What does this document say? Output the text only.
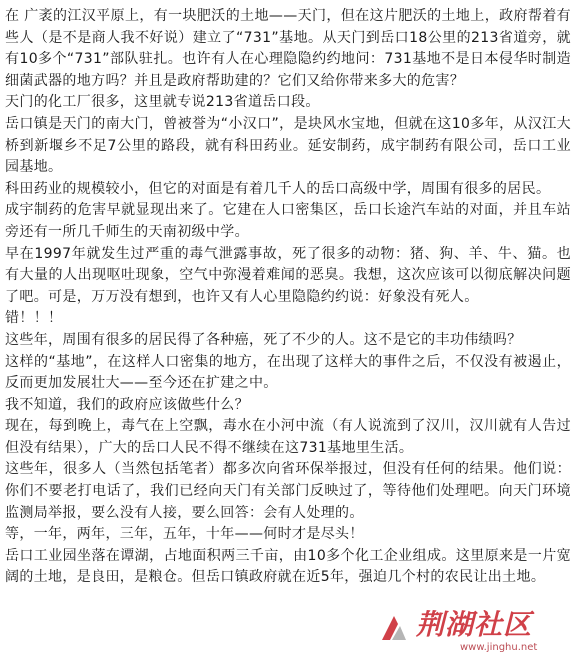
在 广袤的江汉平原上，有一块肥沃的土地——天门，但在这片肥沃的土地上，政府帮着有些人（是不是商人我不好说）建立了“731”基地。从天门到岳口18公里的213省道旁，就有10多个“731”部队驻扎。也许有人在心理隐隐约约地问：731基地不是日本侵华时制造细菌武器的地方吗？并且是政府帮助建的？它们又给你带来多大的危害？

天门的化工厂很多，这里就专说213省道岳口段。

岳口镇是天门的南大门，曾被誉为“小汉口”，是块风水宝地，但就在这10多年，从汉江大桥到新堰乡不足7公里的路段，就有科田药业。延安制药，成宇制药有限公司，岳口工业园基地。

科田药业的规模较小，但它的对面是有着几千人的岳口高级中学，周围有很多的居民。

成宇制药的危害早就显现出来了。它建在人口密集区，岳口长途汽车站的对面，并且车站旁还有一所几千师生的天南初级中学。

早在1997年就发生过严重的毒气泄露事故，死了很多的动物：猪、狗、羊、牛、猫。也有大量的人出现呕吐现象，空气中弥漫着难闻的恶臭。我想，这次应该可以彻底解决问题了吧。可是，万万没有想到，也许又有人心里隐隐约约说：好象没有死人。

错！！！

这些年，周围有很多的居民得了各种癌，死了不少的人。这不是它的丰功伟绩吗？

这样的“基地”，在这样人口密集的地方，在出现了这样大的事件之后，不仅没有被遏止，反而更加发展壮大——至今还在扩建之中。

我不知道，我们的政府应该做些什么？

现在，每到晚上，毒气在上空飘，毒水在小河中流（有人说流到了汉川，汉川就有人告过但没有结果），广大的岳口人民不得不继续在这731基地里生活。

这些年，很多人（当然包括笔者）都多次向省环保举报过，但没有任何的结果。他们说：你们不要老打电话了，我们已经向天门有关部门反映过了，等待他们处理吧。向天门环境监测局举报，要么没有人接，要么回答：会有人处理的。

等，一年，两年，三年，五年，十年——何时才是尽头！

岳口工业园坐落在谭湖，占地面积两三千亩，由10多个化工企业组成。这里原来是一片宽阔的土地，是良田，是粮仓。但岳口镇政府就在近5年，强迫几个村的农民让出土地。

荆湖社区
www.jinghu.net
